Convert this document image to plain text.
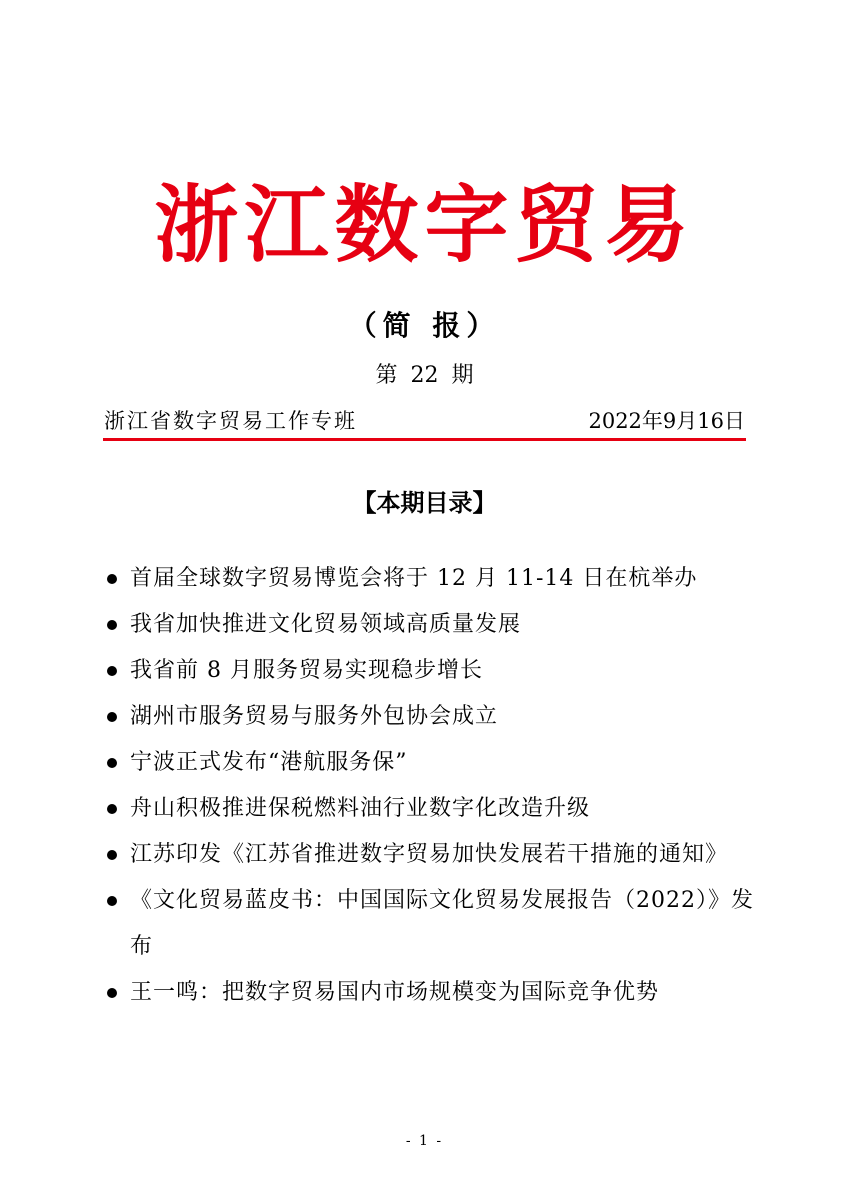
浙江数字贸易
（简 报）
第 22 期
浙江省数字贸易工作专班	2022年9月16日
【本期目录】
首届全球数字贸易博览会将于 12 月 11-14 日在杭举办
我省加快推进文化贸易领域高质量发展
我省前 8 月服务贸易实现稳步增长
湖州市服务贸易与服务外包协会成立
宁波正式发布“港航服务保”
舟山积极推进保税燃料油行业数字化改造升级
江苏印发《江苏省推进数字贸易加快发展若干措施的通知》
《文化贸易蓝皮书：中国国际文化贸易发展报告（2022）》发布
王一鸣：把数字贸易国内市场规模变为国际竞争优势
- 1 -
